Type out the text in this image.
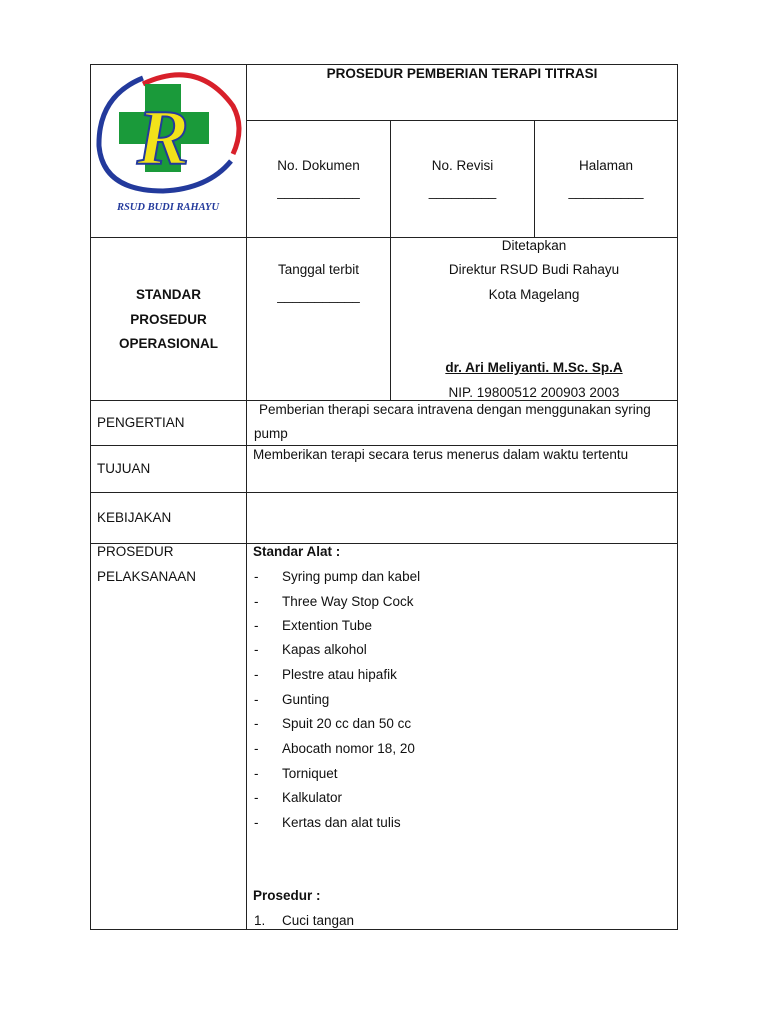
R
RSUD BUDI RAHAYU
PROSEDUR PEMBERIAN TERAPI TITRASI
No. Dokumen
___________
No. Revisi
_________
Halaman
__________
STANDAR
PROSEDUR
OPERASIONAL
Tanggal terbit
___________
Ditetapkan
Direktur RSUD Budi Rahayu
Kota Magelang
dr. Ari Meliyanti. M.Sc. Sp.A
NIP. 19800512 200903 2003
PENGERTIAN
Pemberian therapi secara intravena dengan menggunakan syring
pump
TUJUAN
Memberikan terapi secara terus menerus dalam waktu tertentu
KEBIJAKAN
PROSEDUR
PELAKSANAAN
Standar Alat :
- Syring pump dan kabel
- Three Way Stop Cock
- Extention Tube
- Kapas alkohol
- Plestre atau hipafik
- Gunting
- Spuit 20 cc dan 50 cc
- Abocath nomor 18, 20
- Torniquet
- Kalkulator
- Kertas dan alat tulis
Prosedur :
1. Cuci tangan
